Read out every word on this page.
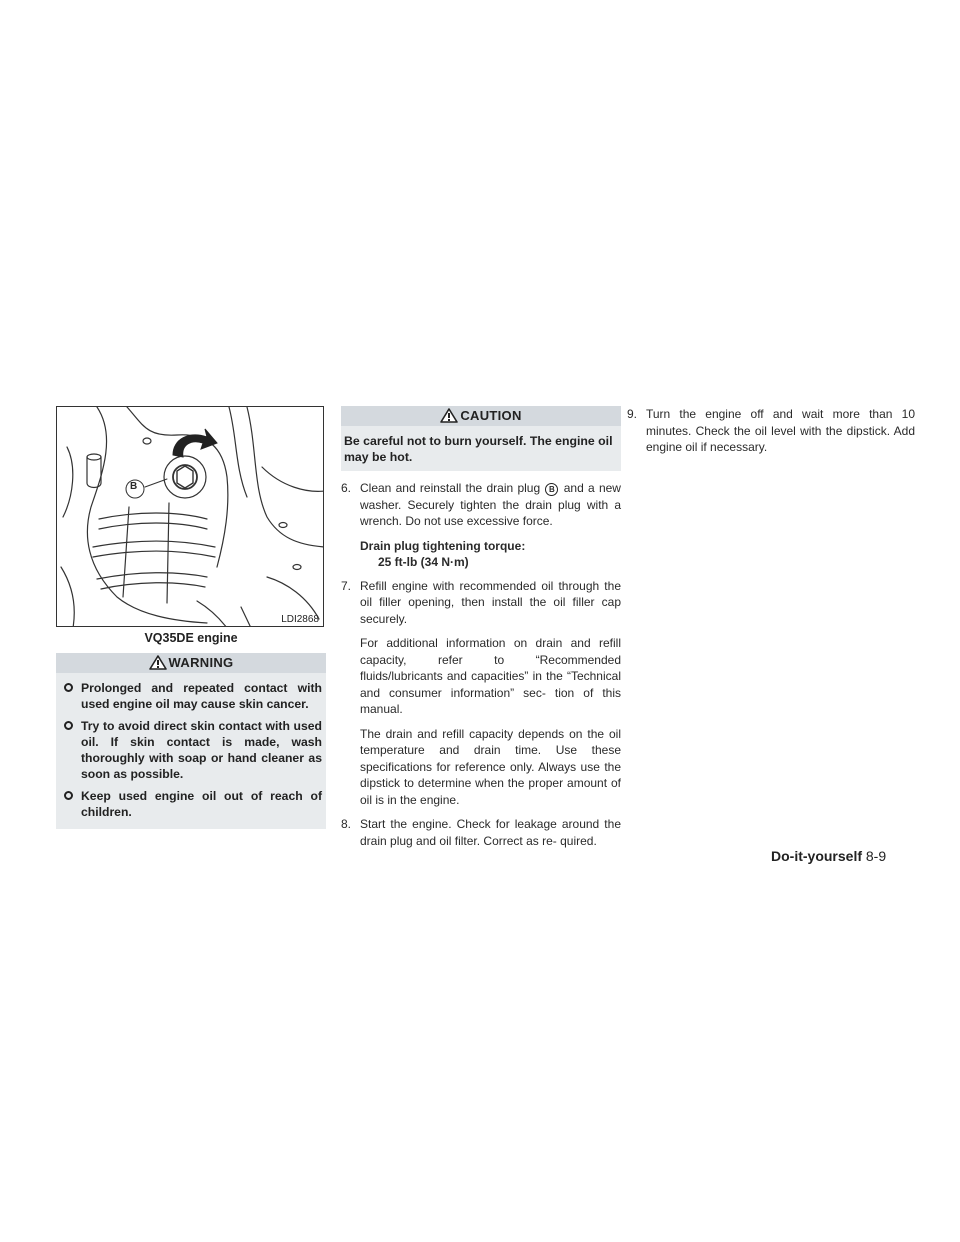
B
LDI2868
VQ35DE engine
WARNING
Prolonged and repeated contact with used engine oil may cause skin cancer.
Try to avoid direct skin contact with used oil. If skin contact is made, wash thoroughly with soap or hand cleaner as soon as possible.
Keep used engine oil out of reach of children.
CAUTION
Be careful not to burn yourself. The engine oil may be hot.
6. Clean and reinstall the drain plug B and a new washer. Securely tighten the drain plug with a wrench. Do not use excessive force.
Drain plug tightening torque:
25 ft-lb (34 N·m)
7. Refill engine with recommended oil through the oil filler opening, then install the oil filler cap securely.
For additional information on drain and refill capacity, refer to “Recommended fluids/lubricants and capacities” in the “Technical and consumer information” sec- tion of this manual.
The drain and refill capacity depends on the oil temperature and drain time. Use these specifications for reference only. Always use the dipstick to determine when the proper amount of oil is in the engine.
8. Start the engine. Check for leakage around the drain plug and oil filter. Correct as re- quired.
9. Turn the engine off and wait more than 10 minutes. Check the oil level with the dipstick. Add engine oil if necessary.
Do-it-yourself 8-9
